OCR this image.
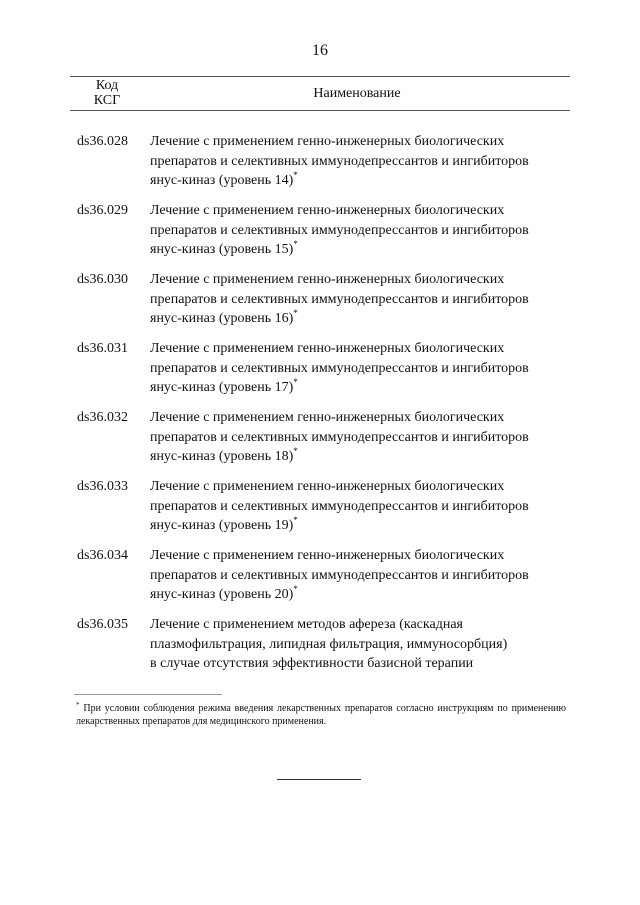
16
Код
КСГ	Наименование
ds36.028	Лечение с применением генно-инженерных биологических
препаратов и селективных иммунодепрессантов и ингибиторов
янус-киназ (уровень 14)*
ds36.029	Лечение с применением генно-инженерных биологических
препаратов и селективных иммунодепрессантов и ингибиторов
янус-киназ (уровень 15)*
ds36.030	Лечение с применением генно-инженерных биологических
препаратов и селективных иммунодепрессантов и ингибиторов
янус-киназ (уровень 16)*
ds36.031	Лечение с применением генно-инженерных биологических
препаратов и селективных иммунодепрессантов и ингибиторов
янус-киназ (уровень 17)*
ds36.032	Лечение с применением генно-инженерных биологических
препаратов и селективных иммунодепрессантов и ингибиторов
янус-киназ (уровень 18)*
ds36.033	Лечение с применением генно-инженерных биологических
препаратов и селективных иммунодепрессантов и ингибиторов
янус-киназ (уровень 19)*
ds36.034	Лечение с применением генно-инженерных биологических
препаратов и селективных иммунодепрессантов и ингибиторов
янус-киназ (уровень 20)*
ds36.035	Лечение с применением методов афереза (каскадная
плазмофильтрация, липидная фильтрация, иммуносорбция)
в случае отсутствия эффективности базисной терапии
* При условии соблюдения режима введения лекарственных препаратов согласно инструкциям по применению лекарственных препаратов для медицинского применения.
